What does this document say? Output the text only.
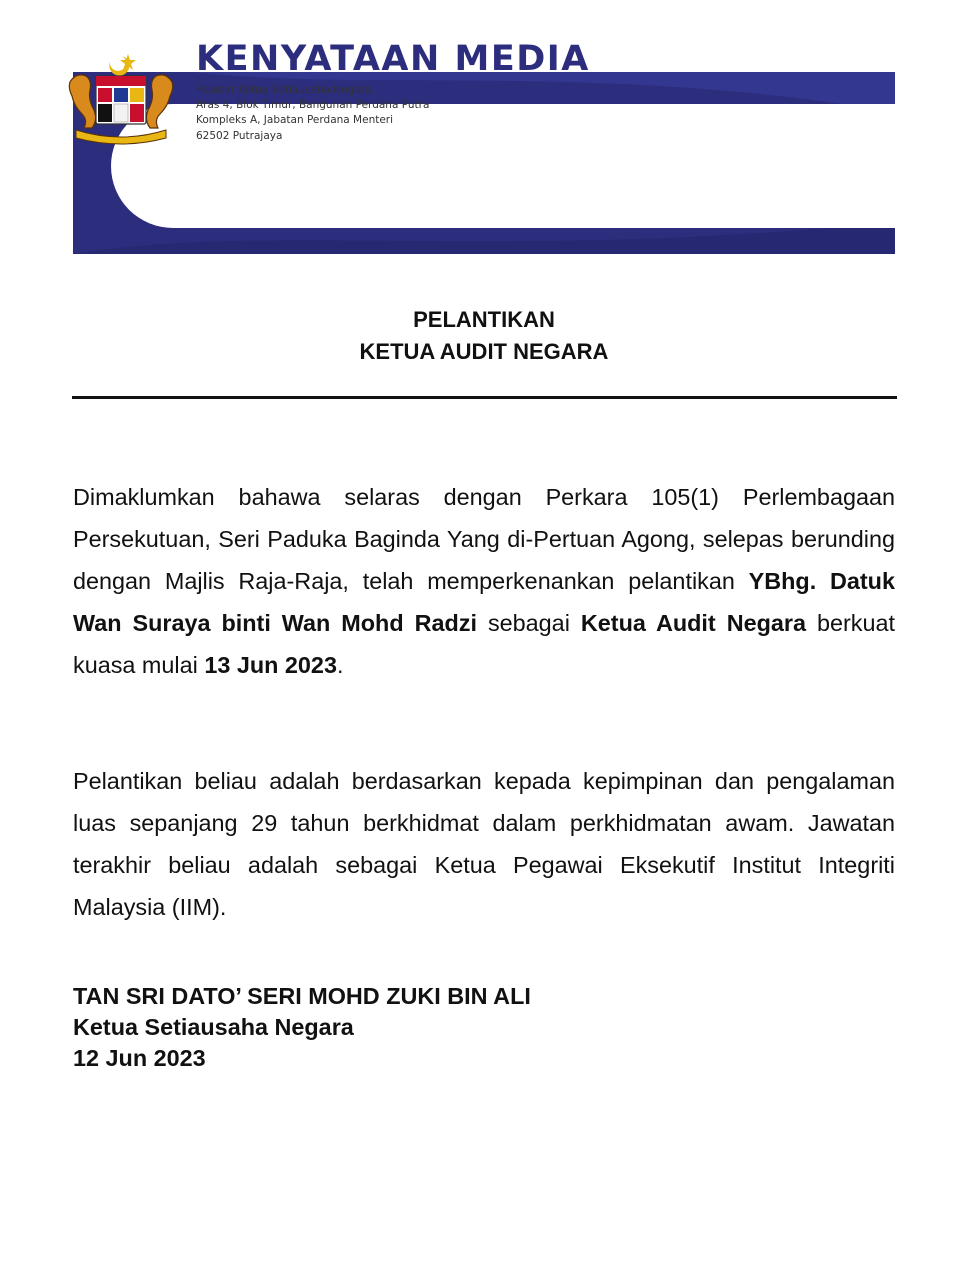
KENYATAAN MEDIA
Pejabat Ketua Setiausaha Negara
Aras 4, Blok Timur, Bangunan Perdana Putra
Kompleks A, Jabatan Perdana Menteri
62502 Putrajaya
PELANTIKAN
KETUA AUDIT NEGARA
Dimaklumkan bahawa selaras dengan Perkara 105(1) Perlembagaan Persekutuan, Seri Paduka Baginda Yang di-Pertuan Agong, selepas berunding dengan Majlis Raja-Raja, telah memperkenankan pelantikan YBhg. Datuk Wan Suraya binti Wan Mohd Radzi sebagai Ketua Audit Negara berkuat kuasa mulai 13 Jun 2023.
Pelantikan beliau adalah berdasarkan kepada kepimpinan dan pengalaman luas sepanjang 29 tahun berkhidmat dalam perkhidmatan awam. Jawatan terakhir beliau adalah sebagai Ketua Pegawai Eksekutif Institut Integriti Malaysia (IIM).
TAN SRI DATO’ SERI MOHD ZUKI BIN ALI
Ketua Setiausaha Negara
12 Jun 2023
